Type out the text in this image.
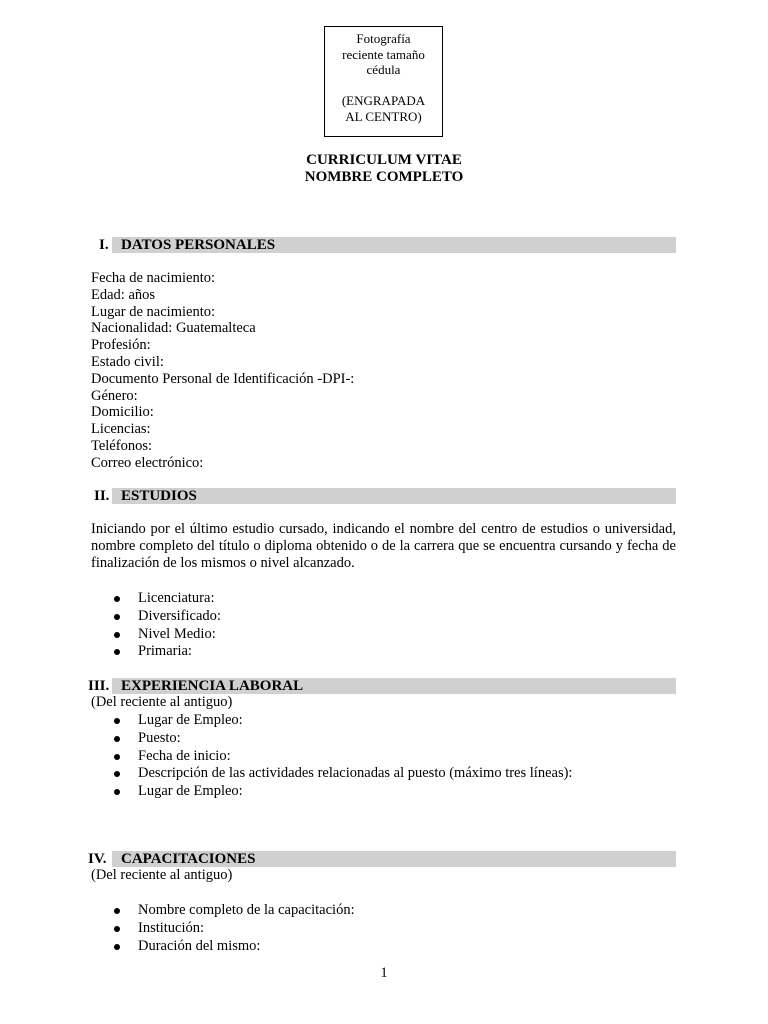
Fotografía
reciente tamaño
cédula
(ENGRAPADA
AL CENTRO)
CURRICULUM VITAE
NOMBRE COMPLETO
I. DATOS PERSONALES
Fecha de nacimiento:
Edad: años
Lugar de nacimiento:
Nacionalidad: Guatemalteca
Profesión:
Estado civil:
Documento Personal de Identificación -DPI-:
Género:
Domicilio:
Licencias:
Teléfonos:
Correo electrónico:
II. ESTUDIOS
Iniciando por el último estudio cursado, indicando el nombre del centro de estudios o universidad, nombre completo del título o diploma obtenido o de la carrera que se encuentra cursando y fecha de finalización de los mismos o nivel alcanzado.
Licenciatura:
Diversificado:
Nivel Medio:
Primaria:
III. EXPERIENCIA LABORAL
(Del reciente al antiguo)
Lugar de Empleo:
Puesto:
Fecha de inicio:
Descripción de las actividades relacionadas al puesto (máximo tres líneas):
Lugar de Empleo:
IV. CAPACITACIONES
(Del reciente al antiguo)
Nombre completo de la capacitación:
Institución:
Duración del mismo:
1
